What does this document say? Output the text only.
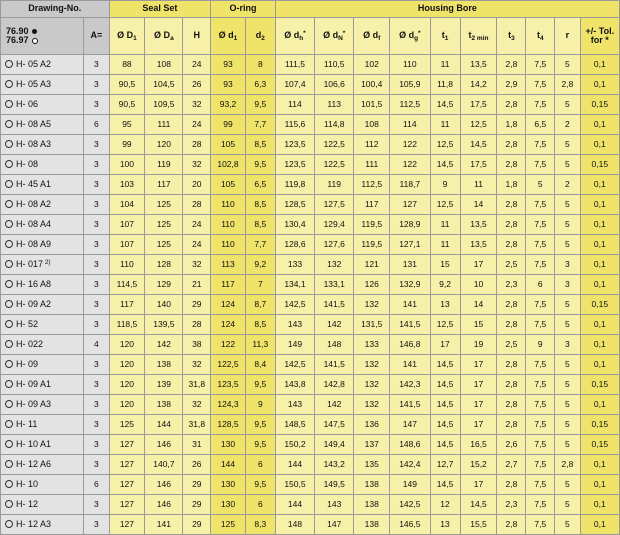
Drawing-No.		Seal Set			O-ring		Housing Bore									

76.90
76.97	A=	Ø $D_1$	Ø $D_a$	H	Ø $d_1$	$d_2$	Ø $d_h^*$	Ø $d_N^*$	Ø $d_f$	Ø $d_g^*$	$t_1$	$t_{2 min}$	$t_3$	$t_4$	r	+/- Tol.
for *

H- 05 A2	3	88	108	24	93	8	111,5	110,5	102	110	11	13,5	2,8	7,5	5	0,1
H- 05 A3	3	90,5	104,5	26	93	6,3	107,4	106,6	100,4	105,9	11,8	14,2	2,9	7,5	2,8	0,1
H- 06	3	90,5	109,5	32	93,2	9,5	114	113	101,5	112,5	14,5	17,5	2,8	7,5	5	0,15
H- 08 A5	6	95	111	24	99	7,7	115,6	114,8	108	114	11	12,5	1,8	6,5	2	0,1
H- 08 A3	3	99	120	28	105	8,5	123,5	122,5	112	122	12,5	14,5	2,8	7,5	5	0,1
H- 08	3	100	119	32	102,8	9,5	123,5	122,5	111	122	14,5	17,5	2,8	7,5	5	0,15
H- 45 A1	3	103	117	20	105	6,5	119,8	119	112,5	118,7	9	11	1,8	5	2	0,1
H- 08 A2	3	104	125	28	110	8,5	128,5	127,5	117	127	12,5	14	2,8	7,5	5	0,1
H- 08 A4	3	107	125	24	110	8,5	130,4	129,4	119,5	128,9	11	13,5	2,8	7,5	5	0,1
H- 08 A9	3	107	125	24	110	7,7	128,6	127,6	119,5	127,1	11	13,5	2,8	7,5	5	0,1
H- 017 $^{2)}$	3	110	128	32	113	9,2	133	132	121	131	15	17	2,5	7,5	3	0,1
H- 16 A8	3	114,5	129	21	117	7	134,1	133,1	126	132,9	9,2	10	2,3	6	3	0,1
H- 09 A2	3	117	140	29	124	8,7	142,5	141,5	132	141	13	14	2,8	7,5	5	0,15
H- 52	3	118,5	139,5	28	124	8,5	143	142	131,5	141,5	12,5	15	2,8	7,5	5	0,1
H- 022	4	120	142	38	122	11,3	149	148	133	146,8	17	19	2,5	9	3	0,1
H- 09	3	120	138	32	122,5	8,4	142,5	141,5	132	141	14,5	17	2,8	7,5	5	0,1
H- 09 A1	3	120	139	31,8	123,5	9,5	143,8	142,8	132	142,3	14,5	17	2,8	7,5	5	0,15
H- 09 A3	3	120	138	32	124,3	9	143	142	132	141,5	14,5	17	2,8	7,5	5	0,1
H- 11	3	125	144	31,8	128,5	9,5	148,5	147,5	136	147	14,5	17	2,8	7,5	5	0,15
H- 10 A1	3	127	146	31	130	9,5	150,2	149,4	137	148,6	14,5	16,5	2,6	7,5	5	0,15
H- 12 A6	3	127	140,7	26	144	6	144	143,2	135	142,4	12,7	15,2	2,7	7,5	2,8	0,1
H- 10	6	127	146	29	130	9,5	150,5	149,5	138	149	14,5	17	2,8	7,5	5	0,1
H- 12	3	127	146	29	130	6	144	143	138	142,5	12	14,5	2,3	7,5	5	0,1
H- 12 A3	3	127	141	29	125	8,3	148	147	138	146,5	13	15,5	2,8	7,5	5	0,1
